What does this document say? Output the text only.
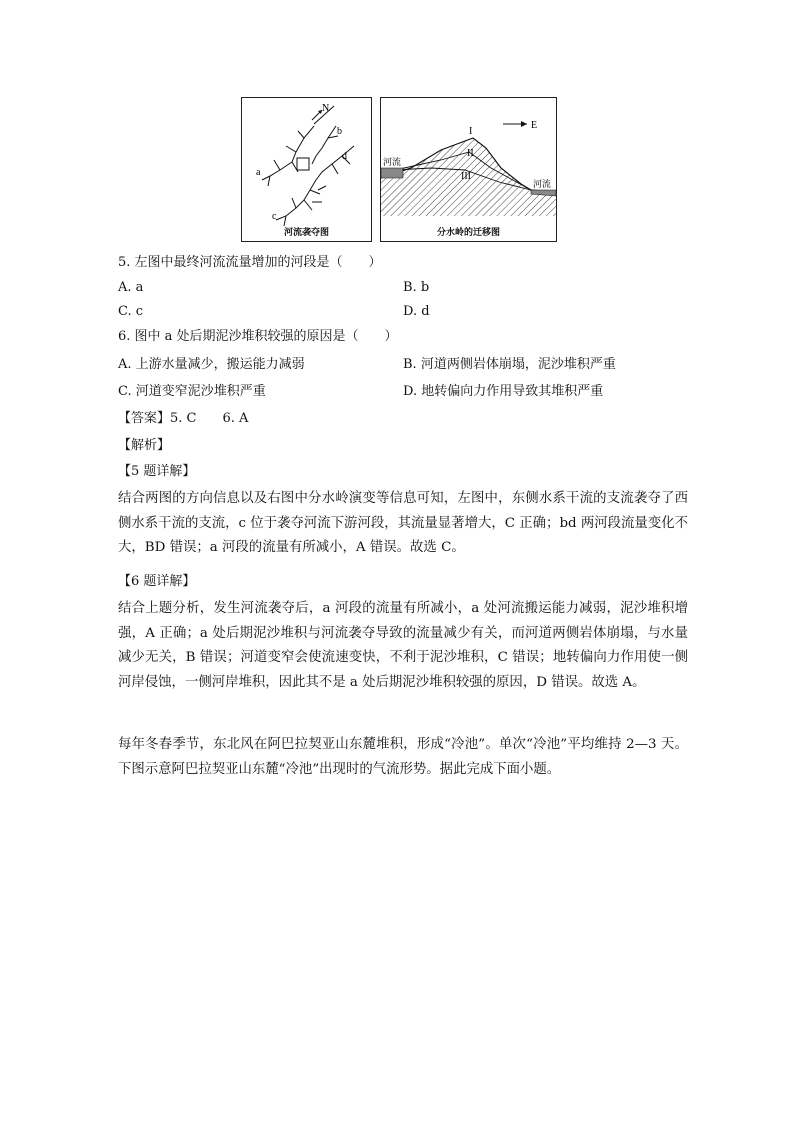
N
b
a
d
c
河流袭夺图
E
I
II
III
河流
河流
分水岭的迁移图
5. 左图中最终河流流量增加的河段是（　　）
A. a	B. b
C. c	D. d
6. 图中 a 处后期泥沙堆积较强的原因是（　　）
A. 上游水量减少，搬运能力减弱	B. 河道两侧岩体崩塌，泥沙堆积严重
C. 河道变窄泥沙堆积严重	D. 地转偏向力作用导致其堆积严重
【答案】5. C　　6. A
【解析】
【5 题详解】
结合两图的方向信息以及右图中分水岭演变等信息可知，左图中，东侧水系干流的支流袭夺了西侧水系干流的支流，c 位于袭夺河流下游河段，其流量显著增大，C 正确；bd 两河段流量变化不大，BD 错误；a 河段的流量有所减小，A 错误。故选 C。
【6 题详解】
结合上题分析，发生河流袭夺后，a 河段的流量有所减小，a 处河流搬运能力减弱，泥沙堆积增强，A 正确；a 处后期泥沙堆积与河流袭夺导致的流量减少有关，而河道两侧岩体崩塌，与水量减少无关，B 错误；河道变窄会使流速变快，不利于泥沙堆积，C 错误；地转偏向力作用使一侧河岸侵蚀，一侧河岸堆积，因此其不是 a 处后期泥沙堆积较强的原因，D 错误。故选 A。
每年冬春季节，东北风在阿巴拉契亚山东麓堆积，形成“冷池”。单次“冷池”平均维持 2—3 天。下图示意阿巴拉契亚山东麓“冷池”出现时的气流形势。据此完成下面小题。
